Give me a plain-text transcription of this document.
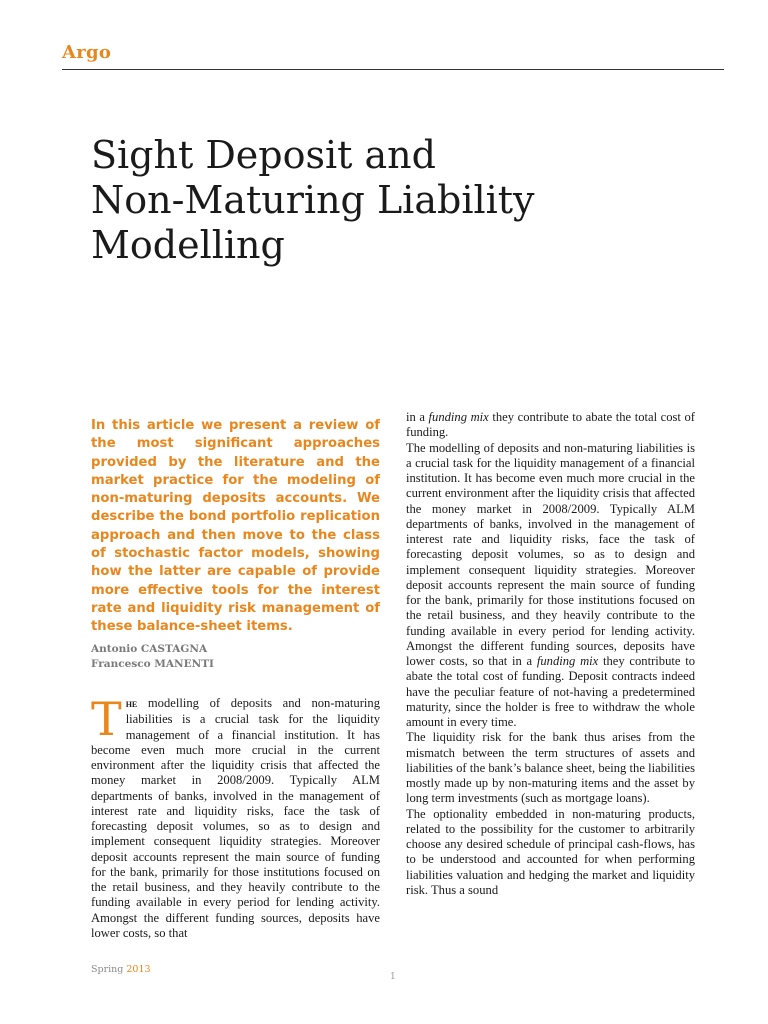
Argo
Sight Deposit and
Non-Maturing Liability
Modelling

In this article we present a review of the most significant approaches provided by the literature and the market practice for the modeling of non-maturing deposits accounts. We describe the bond portfolio replication approach and then move to the class of stochastic factor models, showing how the latter are capable of provide more effective tools for the interest rate and liquidity risk management of these balance-sheet items.

Antonio CASTAGNA
Francesco MANENTI

The modelling of deposits and non-maturing liabilities is a crucial task for the liquidity management of a financial institution. It has become even much more crucial in the current environment after the liquidity crisis that affected the money market in 2008/2009. Typically ALM departments of banks, involved in the management of interest rate and liquidity risks, face the task of forecasting deposit volumes, so as to design and implement consequent liquidity strategies. Moreover deposit accounts represent the main source of funding for the bank, primarily for those institutions focused on the retail business, and they heavily contribute to the funding available in every period for lending activity. Amongst the different funding sources, deposits have lower costs, so that

in a funding mix they contribute to abate the total cost of funding.

The modelling of deposits and non-maturing liabilities is a crucial task for the liquidity management of a financial institution. It has become even much more crucial in the current environment after the liquidity crisis that affected the money market in 2008/2009. Typically ALM departments of banks, involved in the management of interest rate and liquidity risks, face the task of forecasting deposit volumes, so as to design and implement consequent liquidity strategies. Moreover deposit accounts represent the main source of funding for the bank, primarily for those institutions focused on the retail business, and they heavily contribute to the funding available in every period for lending activity. Amongst the different funding sources, deposits have lower costs, so that in a funding mix they contribute to abate the total cost of funding. Deposit contracts indeed have the peculiar feature of not-having a predetermined maturity, since the holder is free to withdraw the whole amount in every time.

The liquidity risk for the bank thus arises from the mismatch between the term structures of assets and liabilities of the bank’s balance sheet, being the liabilities mostly made up by non-maturing items and the asset by long term investments (such as mortgage loans).

The optionality embedded in non-maturing products, related to the possibility for the customer to arbitrarily choose any desired schedule of principal cash-flows, has to be understood and accounted for when performing liabilities valuation and hedging the market and liquidity risk. Thus a sound

Spring 2013
1
